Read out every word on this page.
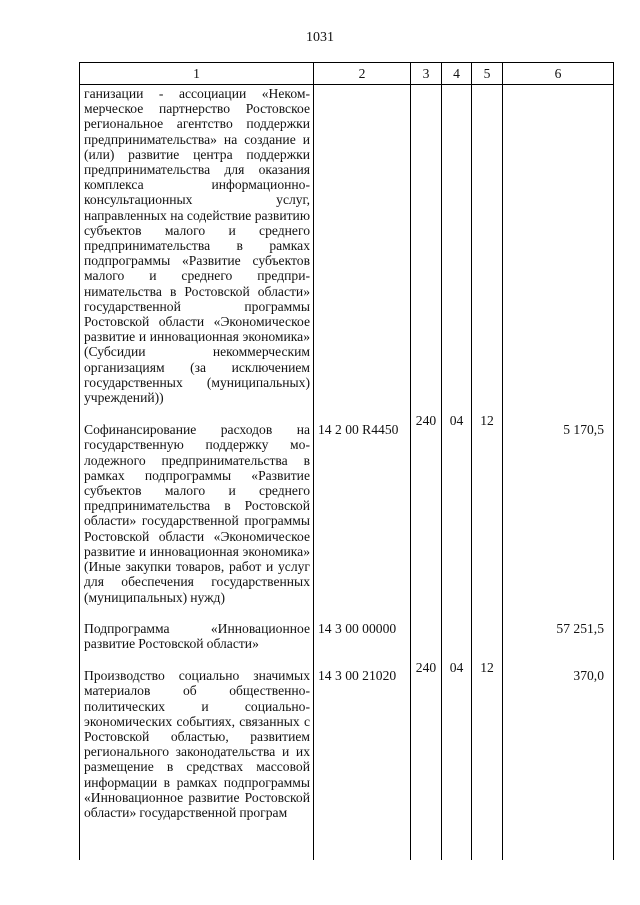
1031
1	2	3	4	5	6
ганизации - ассоциации «Некоммерческое партнерство Ростовское региональное агентство поддержки предпринимательства» на создание и (или) развитие центра поддержки предпринимательства для оказания комплекса информационно-консультационных услуг, направленных на содействие развитию субъектов малого и среднего предпринимательства в рамках подпрограммы «Развитие субъектов малого и среднего предпринимательства в Ростовской области» государственной программы Ростовской области «Экономическое развитие и инновационная экономика» (Субсидии некоммерческим организациям (за исключением государственных (муниципальных) учреждений))					
Софинансирование расходов на государственную поддержку молодежного предпринимательства в рамках подпрограммы «Развитие субъектов малого и среднего предпринимательства в Ростовской области» государственной программы Ростовской области «Экономическое развитие и инновационная экономика» (Иные закупки товаров, работ и услуг для обеспечения государственных (муниципальных) нужд)	14 2 00 R4450	240	04	12	5 170,5
Подпрограмма «Инновационное развитие Ростовской области»	14 3 00 00000				57 251,5
Производство социально значимых материалов об общественно-политических и социально-экономических событиях, связанных с Ростовской областью, развитием регионального законодательства и их размещение в средствах массовой информации в рамках подпрограммы «Инновационное развитие Ростовской области» государственной програм	14 3 00 21020	240	04	12	370,0
